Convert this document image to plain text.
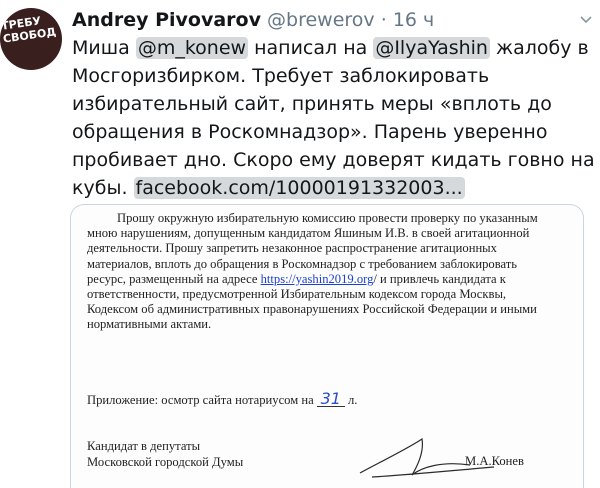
ТРЕБУ
СВОБОД
Andrey Pivovarov @brewerov · 16 ч
Миша @m_konew написал на @IlyaYashin жалобу в Мосгоризбирком. Требует заблокировать избирательный сайт, принять меры «вплоть до обращения в Роскомнадзор». Парень уверенно пробивает дно. Скоро ему доверят кидать говно на кубы. facebook.com/10000191332003...

Прошу окружную избирательную комиссию провести проверку по указанным мною нарушениям, допущенным кандидатом Яшиным И.В. в своей агитационной деятельности. Прошу запретить незаконное распространение агитационных материалов, вплоть до обращения в Роскомнадзор с требованием заблокировать ресурс, размещенный на адресе https://yashin2019.org/ и привлечь кандидата к ответственности, предусмотренной Избирательным кодексом города Москвы, Кодексом об административных правонарушениях Российской Федерации и иными нормативными актами.

Приложение: осмотр сайта нотариусом на 31 л.
Кандидат в депутаты
Московской городской Думы	М.А.Конев
